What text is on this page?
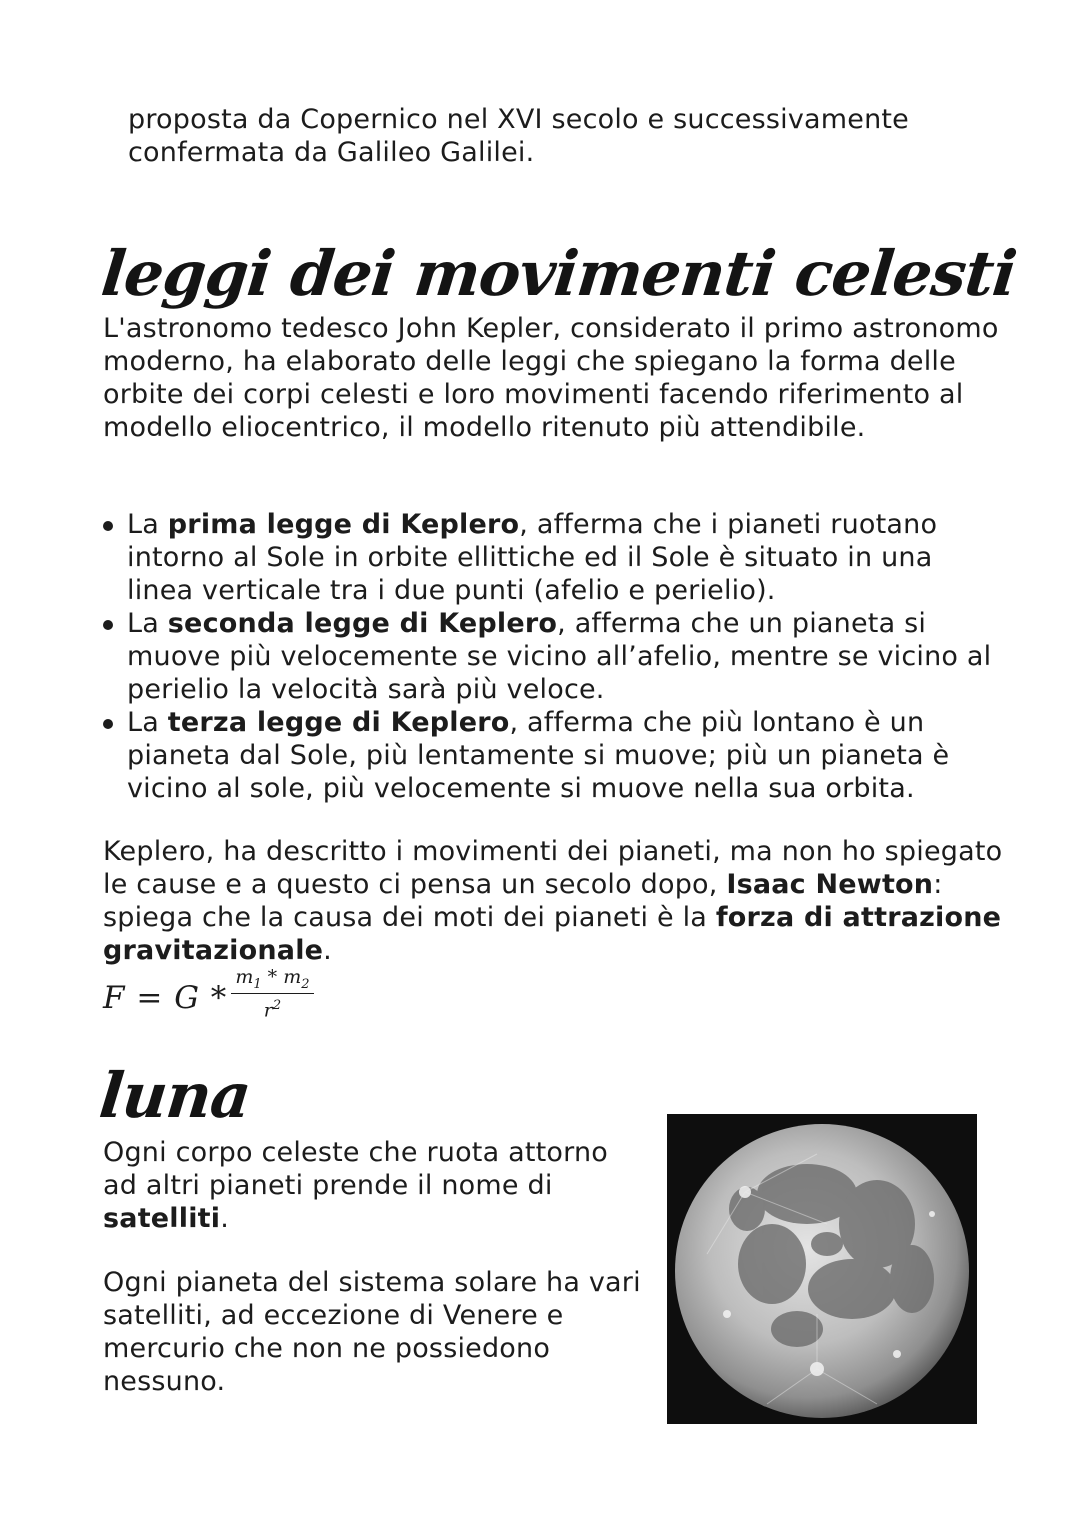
proposta da Copernico nel XVI secolo e successivamente confermata da Galileo Galilei.

leggi dei movimenti celesti

L'astronomo tedesco John Kepler, considerato il primo astronomo moderno, ha elaborato delle leggi che spiegano la forma delle orbite dei corpi celesti e loro movimenti facendo riferimento al modello eliocentrico, il modello ritenuto più attendibile.

La prima legge di Keplero, afferma che i pianeti ruotano intorno al Sole in orbite ellittiche ed il Sole è situato in una linea verticale tra i due punti (afelio e perielio).
La seconda legge di Keplero, afferma che un pianeta si muove più velocemente se vicino all’afelio, mentre se vicino al perielio la velocità sarà più veloce.
La terza legge di Keplero, afferma che più lontano è un pianeta dal Sole, più lentamente si muove; più un pianeta è vicino al sole, più velocemente si muove nella sua orbita.

Keplero, ha descritto i movimenti dei pianeti, ma non ho spiegato le cause e a questo ci pensa un secolo dopo, Isaac Newton: spiega che la causa dei moti dei pianeti è la forza di attrazione gravitazionale.

$F = G * \frac{m_1 * m_2}{r^2}$
luna

Ogni corpo celeste che ruota attorno ad altri pianeti prende il nome di satelliti.

Ogni pianeta del sistema solare ha vari satelliti, ad eccezione di Venere e mercurio che non ne possiedono nessuno.
